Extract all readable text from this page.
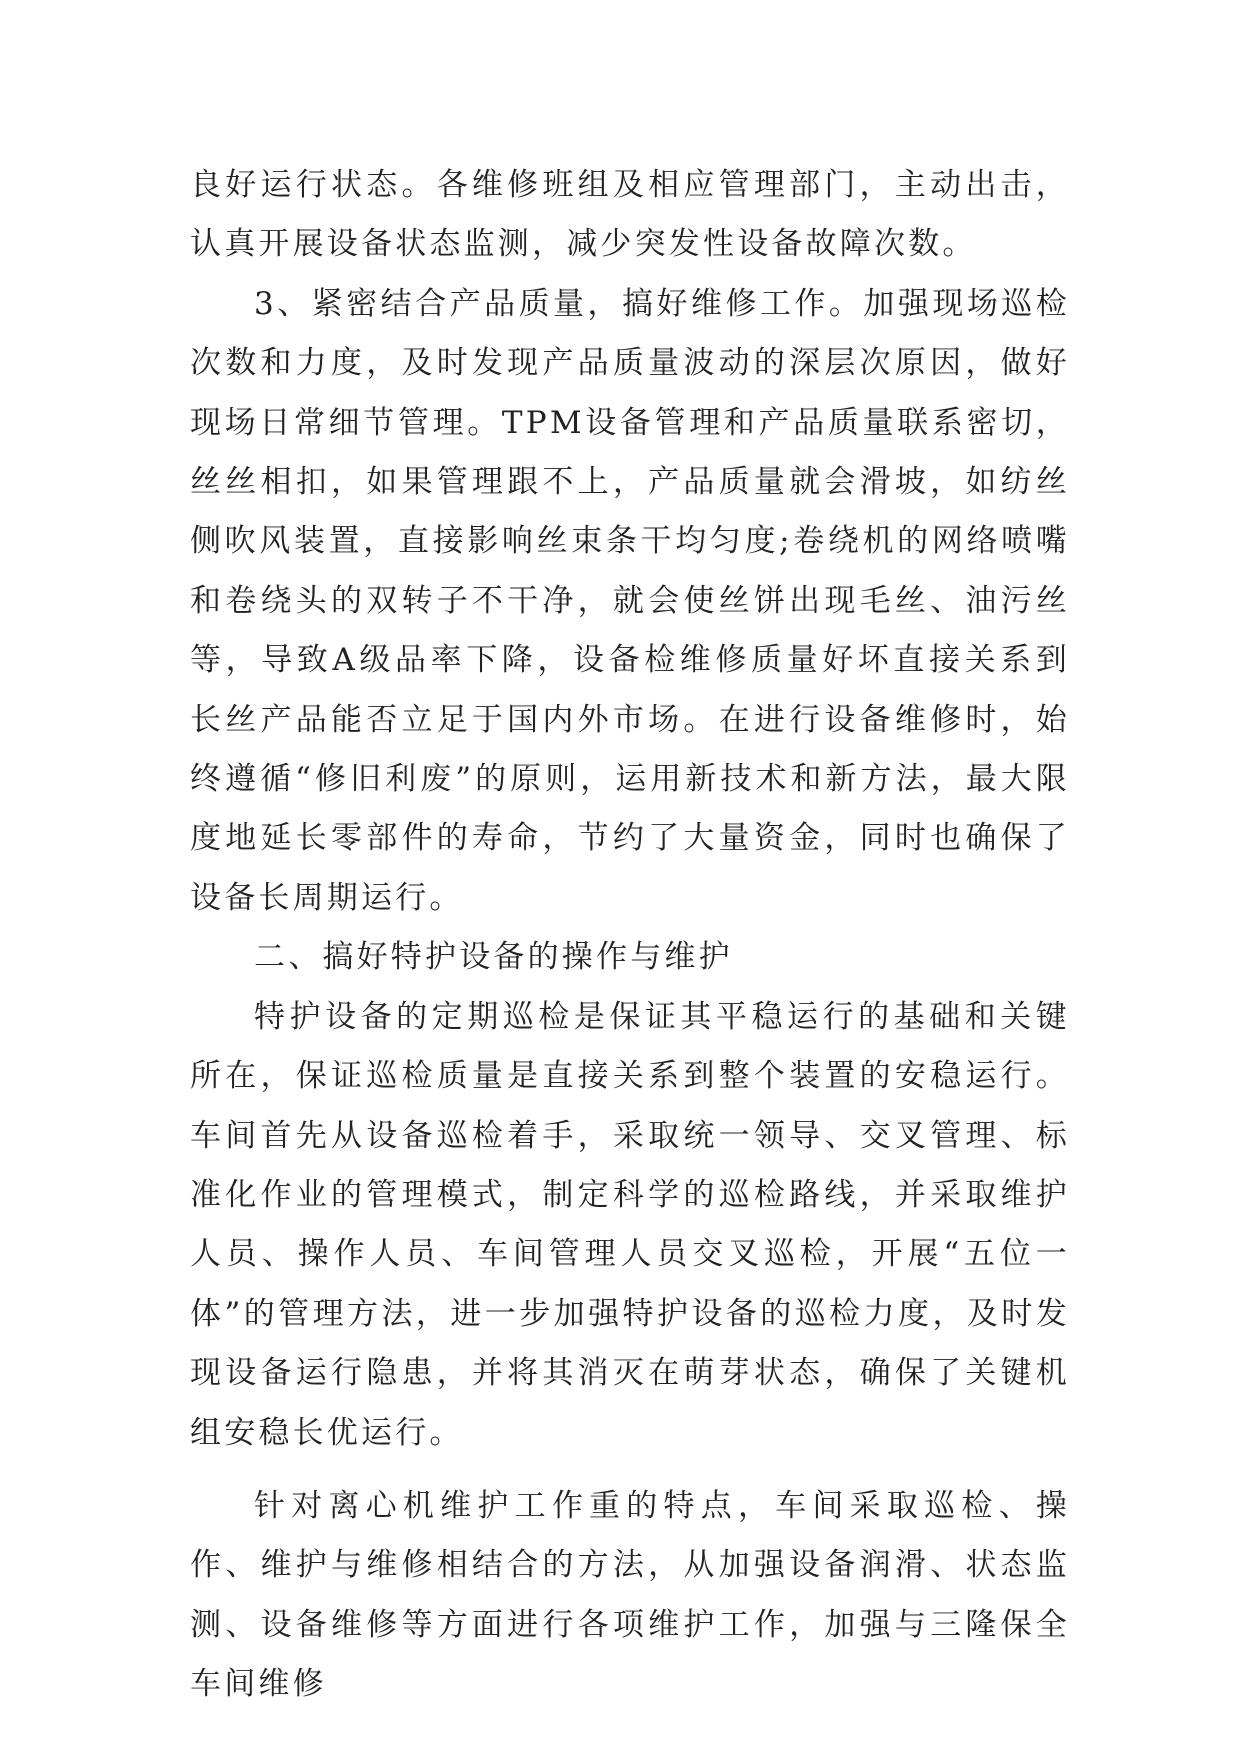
良好运行状态。各维修班组及相应管理部门，主动出击，认真开展设备状态监测，减少突发性设备故障次数。

3、紧密结合产品质量，搞好维修工作。加强现场巡检次数和力度，及时发现产品质量波动的深层次原因，做好现场日常细节管理。TPM设备管理和产品质量联系密切，丝丝相扣，如果管理跟不上，产品质量就会滑坡，如纺丝侧吹风装置，直接影响丝束条干均匀度;卷绕机的网络喷嘴和卷绕头的双转子不干净，就会使丝饼出现毛丝、油污丝等，导致A级品率下降，设备检维修质量好坏直接关系到长丝产品能否立足于国内外市场。在进行设备维修时，始终遵循“修旧利废”的原则，运用新技术和新方法，最大限度地延长零部件的寿命，节约了大量资金，同时也确保了设备长周期运行。

二、搞好特护设备的操作与维护

特护设备的定期巡检是保证其平稳运行的基础和关键所在，保证巡检质量是直接关系到整个装置的安稳运行。车间首先从设备巡检着手，采取统一领导、交叉管理、标准化作业的管理模式，制定科学的巡检路线，并采取维护人员、操作人员、车间管理人员交叉巡检，开展“五位一体”的管理方法，进一步加强特护设备的巡检力度，及时发现设备运行隐患，并将其消灭在萌芽状态，确保了关键机组安稳长优运行。

针对离心机维护工作重的特点，车间采取巡检、操作、维护与维修相结合的方法，从加强设备润滑、状态监测、设备维修等方面进行各项维护工作，加强与三隆保全车间维修
